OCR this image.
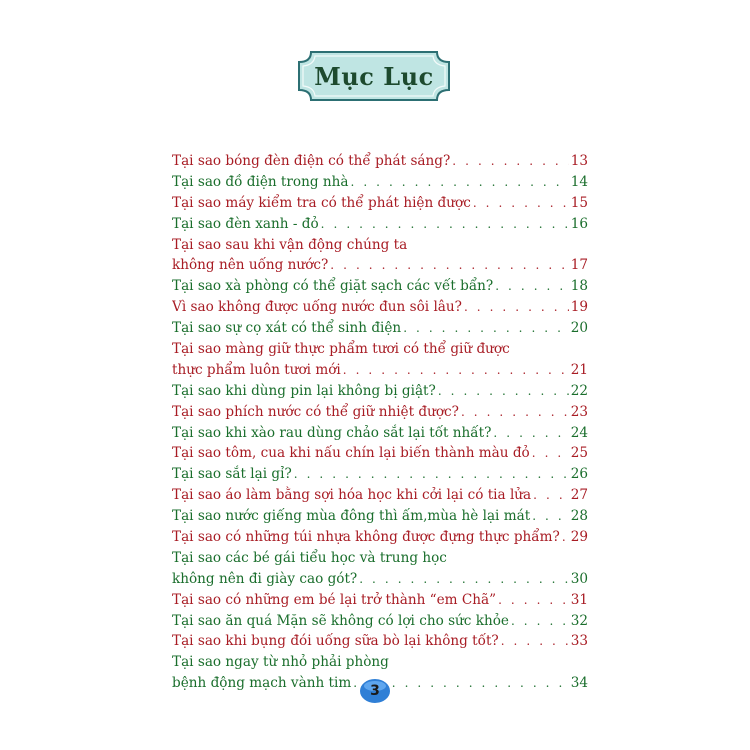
Mục Lục
Tại sao bóng đèn điện có thể phát sáng? . . .	13
Tại sao đồ điện trong nhà . . .	14
Tại sao máy kiểm tra có thể phát hiện được . . .	15
Tại sao đèn xanh - đỏ . . .	16
Tại sao sau khi vận động chúng ta
không nên uống nước? . . .	17
Tại sao xà phòng có thể giặt sạch các vết bẩn? . . .	18
Vì sao không được uống nước đun sôi lâu? . . .	19
Tại sao sự cọ xát có thể sinh điện . . .	20
Tại sao màng giữ thực phẩm tươi có thể giữ được
thực phẩm luôn tươi mới . . .	21
Tại sao khi dùng pin lại không bị giật? . . .	22
Tại sao phích nước có thể giữ nhiệt được? . . .	23
Tại sao khi xào rau dùng chảo sắt lại tốt nhất? . . .	24
Tại sao tôm, cua khi nấu chín lại biến thành màu đỏ . . .	25
Tại sao sắt lại gỉ? . . .	26
Tại sao áo làm bằng sợi hóa học khi cởi lại có tia lửa . . .	27
Tại sao nước giếng mùa đông thì ấm,mùa hè lại mát . . .	28
Tại sao có những túi nhựa không được đựng thực phẩm? . . . 29
Tại sao các bé gái tiểu học và trung học
không nên đi giày cao gót? . . .	30
Tại sao có những em bé lại trở thành “em Chã” . . .	31
Tại sao ăn quá Mặn sẽ không có lợi cho sức khỏe . . .	32
Tại sao khi bụng đói uống sữa bò lại không tốt? . . .	33
Tại sao ngay từ nhỏ phải phòng
bệnh động mạch vành tim . . .	34
3
